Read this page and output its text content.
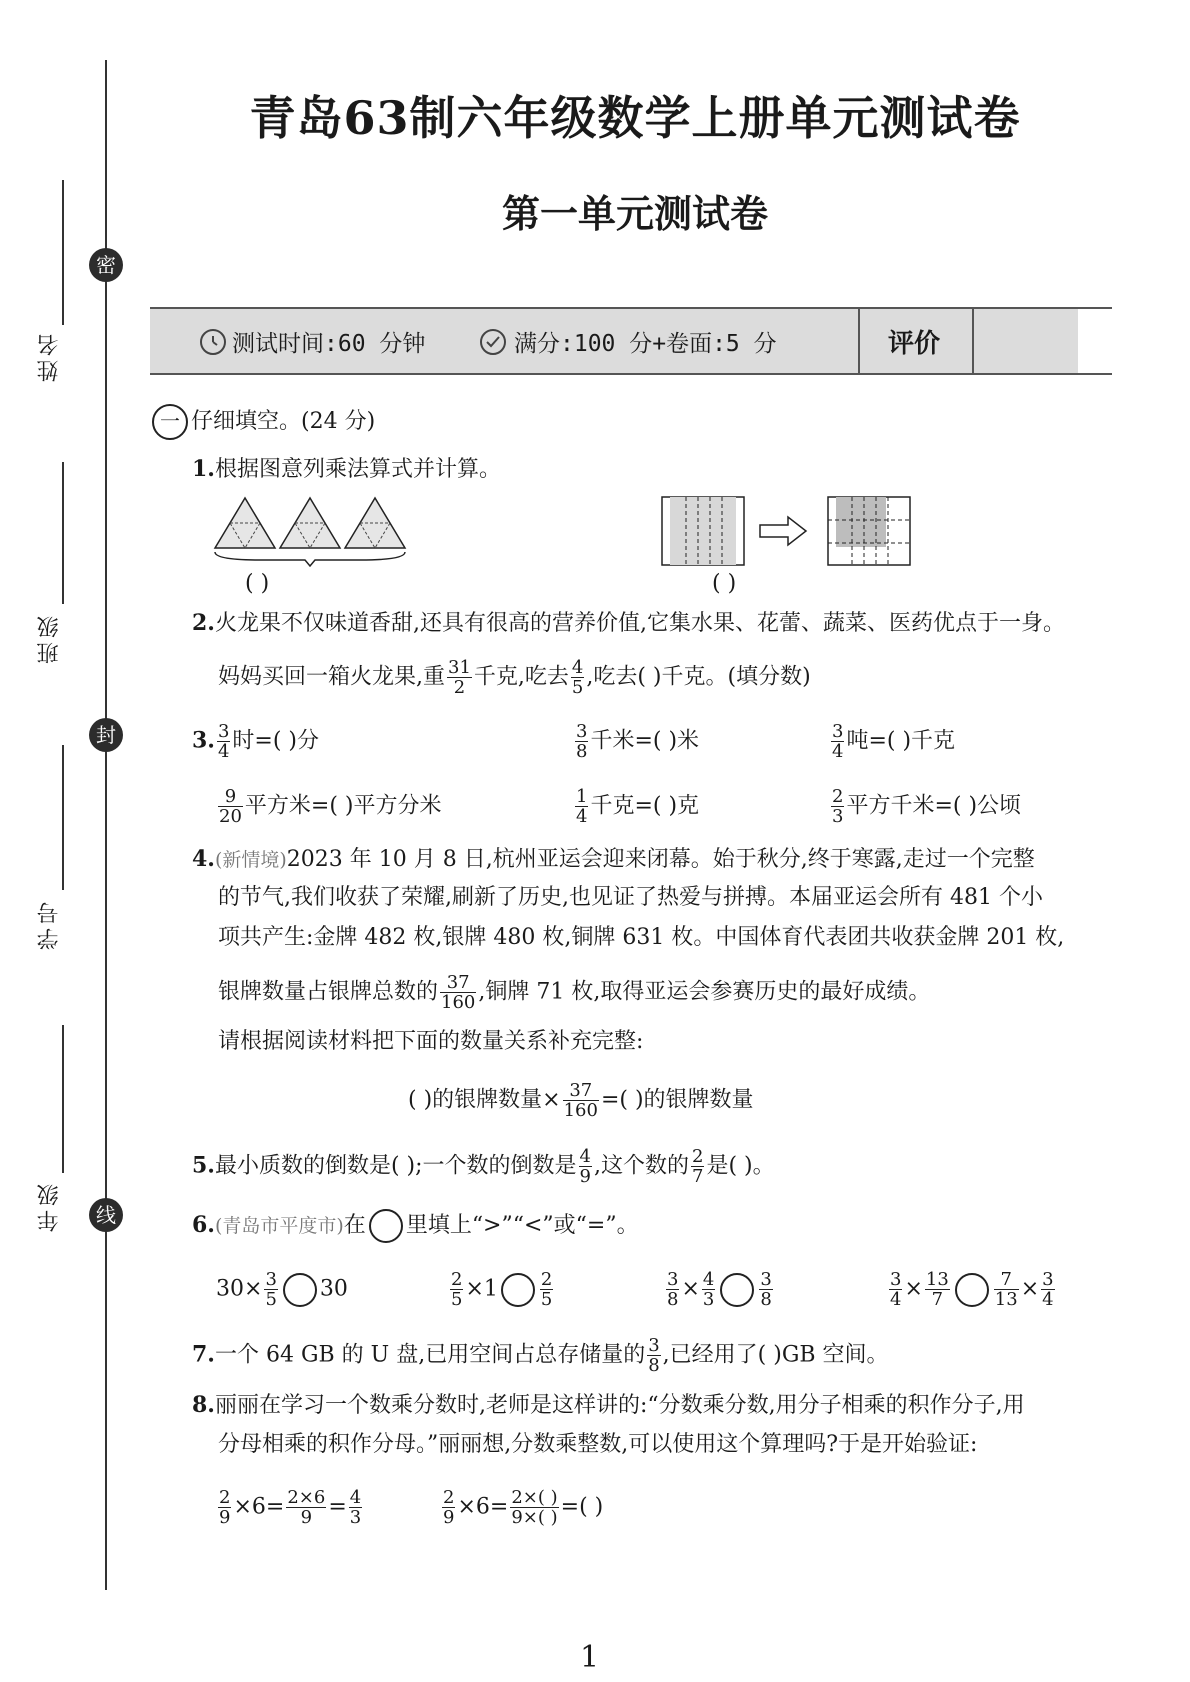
密
封
线
姓名
班级
学号
年级
青岛63制六年级数学上册单元测试卷
第一单元测试卷
测试时间:60 分钟	满分:100 分+卷面:5 分	评价
一 仔细填空。(24 分)
1.根据图意列乘法算式并计算。
( )	( )
2.火龙果不仅味道香甜,还具有很高的营养价值,它集水果、花蕾、蔬菜、医药优点于一身。
妈妈买回一箱火龙果,重 $\frac{31}{2}$ 千克,吃去 $\frac{4}{5}$ ,吃去( )千克。(填分数)
3. $\frac{3}{4}$ 时=( )分	$\frac{3}{8}$ 千米=( )米	$\frac{3}{4}$ 吨=( )千克
$\frac{9}{20}$ 平方米=( )平方分米	$\frac{1}{4}$ 千克=( )克	$\frac{2}{3}$ 平方千米=( )公顷
4.(新情境)2023 年 10 月 8 日,杭州亚运会迎来闭幕。始于秋分,终于寒露,走过一个完整
的节气,我们收获了荣耀,刷新了历史,也见证了热爱与拼搏。本届亚运会所有 481 个小
项共产生:金牌 482 枚,银牌 480 枚,铜牌 631 枚。中国体育代表团共收获金牌 201 枚,
银牌数量占银牌总数的 $\frac{37}{160}$ ,铜牌 71 枚,取得亚运会参赛历史的最好成绩。
请根据阅读材料把下面的数量关系补充完整:
( )的银牌数量× $\frac{37}{160}$ =( )的银牌数量
5.最小质数的倒数是( );一个数的倒数是 $\frac{4}{9}$ ,这个数的 $\frac{2}{7}$ 是( )。
6.(青岛市平度市)在 里填上“>”“<”或“=”。
$30\times \frac{3}{5} 30$	$\frac{2}{5} \times 1 \frac{2}{5}$	$\frac{3}{8} \times \frac{4}{3} \frac{3}{8}$	$\frac{3}{4} \times \frac{13}{7} \frac{7}{13} \times \frac{3}{4}$
7.一个 64 GB 的 U 盘,已用空间占总存储量的 $\frac{3}{8}$ ,已经用了( )GB 空间。
8.丽丽在学习一个数乘分数时,老师是这样讲的:“分数乘分数,用分子相乘的积作分子,用
分母相乘的积作分母。”丽丽想,分数乘整数,可以使用这个算理吗?于是开始验证:
$\frac{2}{9} \times 6= \frac{2\times 6}{9} = \frac{4}{3}$	$\frac{2}{9} \times 6= \frac{2\times( )}{9\times( )}$ =( )
1
